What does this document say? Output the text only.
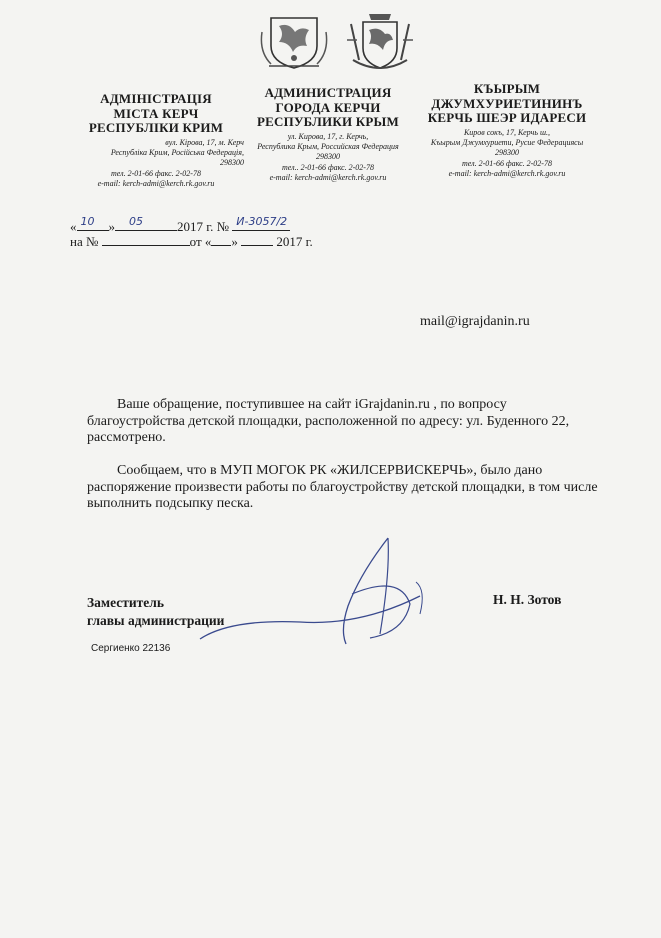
АДМІНІСТРАЦІЯ
МІСТА КЕРЧ
РЕСПУБЛІКИ КРИМ
вул. Кірова, 17, м. Керч
Республіка Крим, Російська Федерація,
298300
тел. 2-01-66 факс. 2-02-78
e-mail: kerch-admi@kerch.rk.gov.ru
АДМИНИСТРАЦИЯ
ГОРОДА КЕРЧИ
РЕСПУБЛИКИ КРЫМ
ул. Кирова, 17, г. Керчь,
Республика Крым, Российская Федерация
298300
тел.. 2-01-66 факс. 2-02-78
e-mail: kerch-admi@kerch.rk.gov.ru
КЪЫРЫМ
ДЖУМХУРИЕТИНИНЪ
КЕРЧЬ ШЕЭР ИДАРЕСИ
Киров сокъ, 17, Керчь ш.,
Къырым Джумхуриети, Русие Федерациясы
298300
тел. 2-01-66 факс. 2-02-78
e-mail: kerch-admi@kerch.rk.gov.ru
« 10 » 05	2017 г. № И-3057/2
на №	от « »	2017 г.
mail@igrajdanin.ru
Ваше обращение, поступившее на сайт iGrajdanin.ru , по вопросу благоустройства детской площадки, расположенной по адресу: ул. Буденного 22, рассмотрено.
Сообщаем, что в МУП МОГОК РК «ЖИЛСЕРВИСКЕРЧЬ», было дано распоряжение произвести работы по благоустройству детской площадки, в том числе выполнить подсыпку песка.
Заместитель
главы администрации
Н. Н. Зотов
Сергиенко 22136
